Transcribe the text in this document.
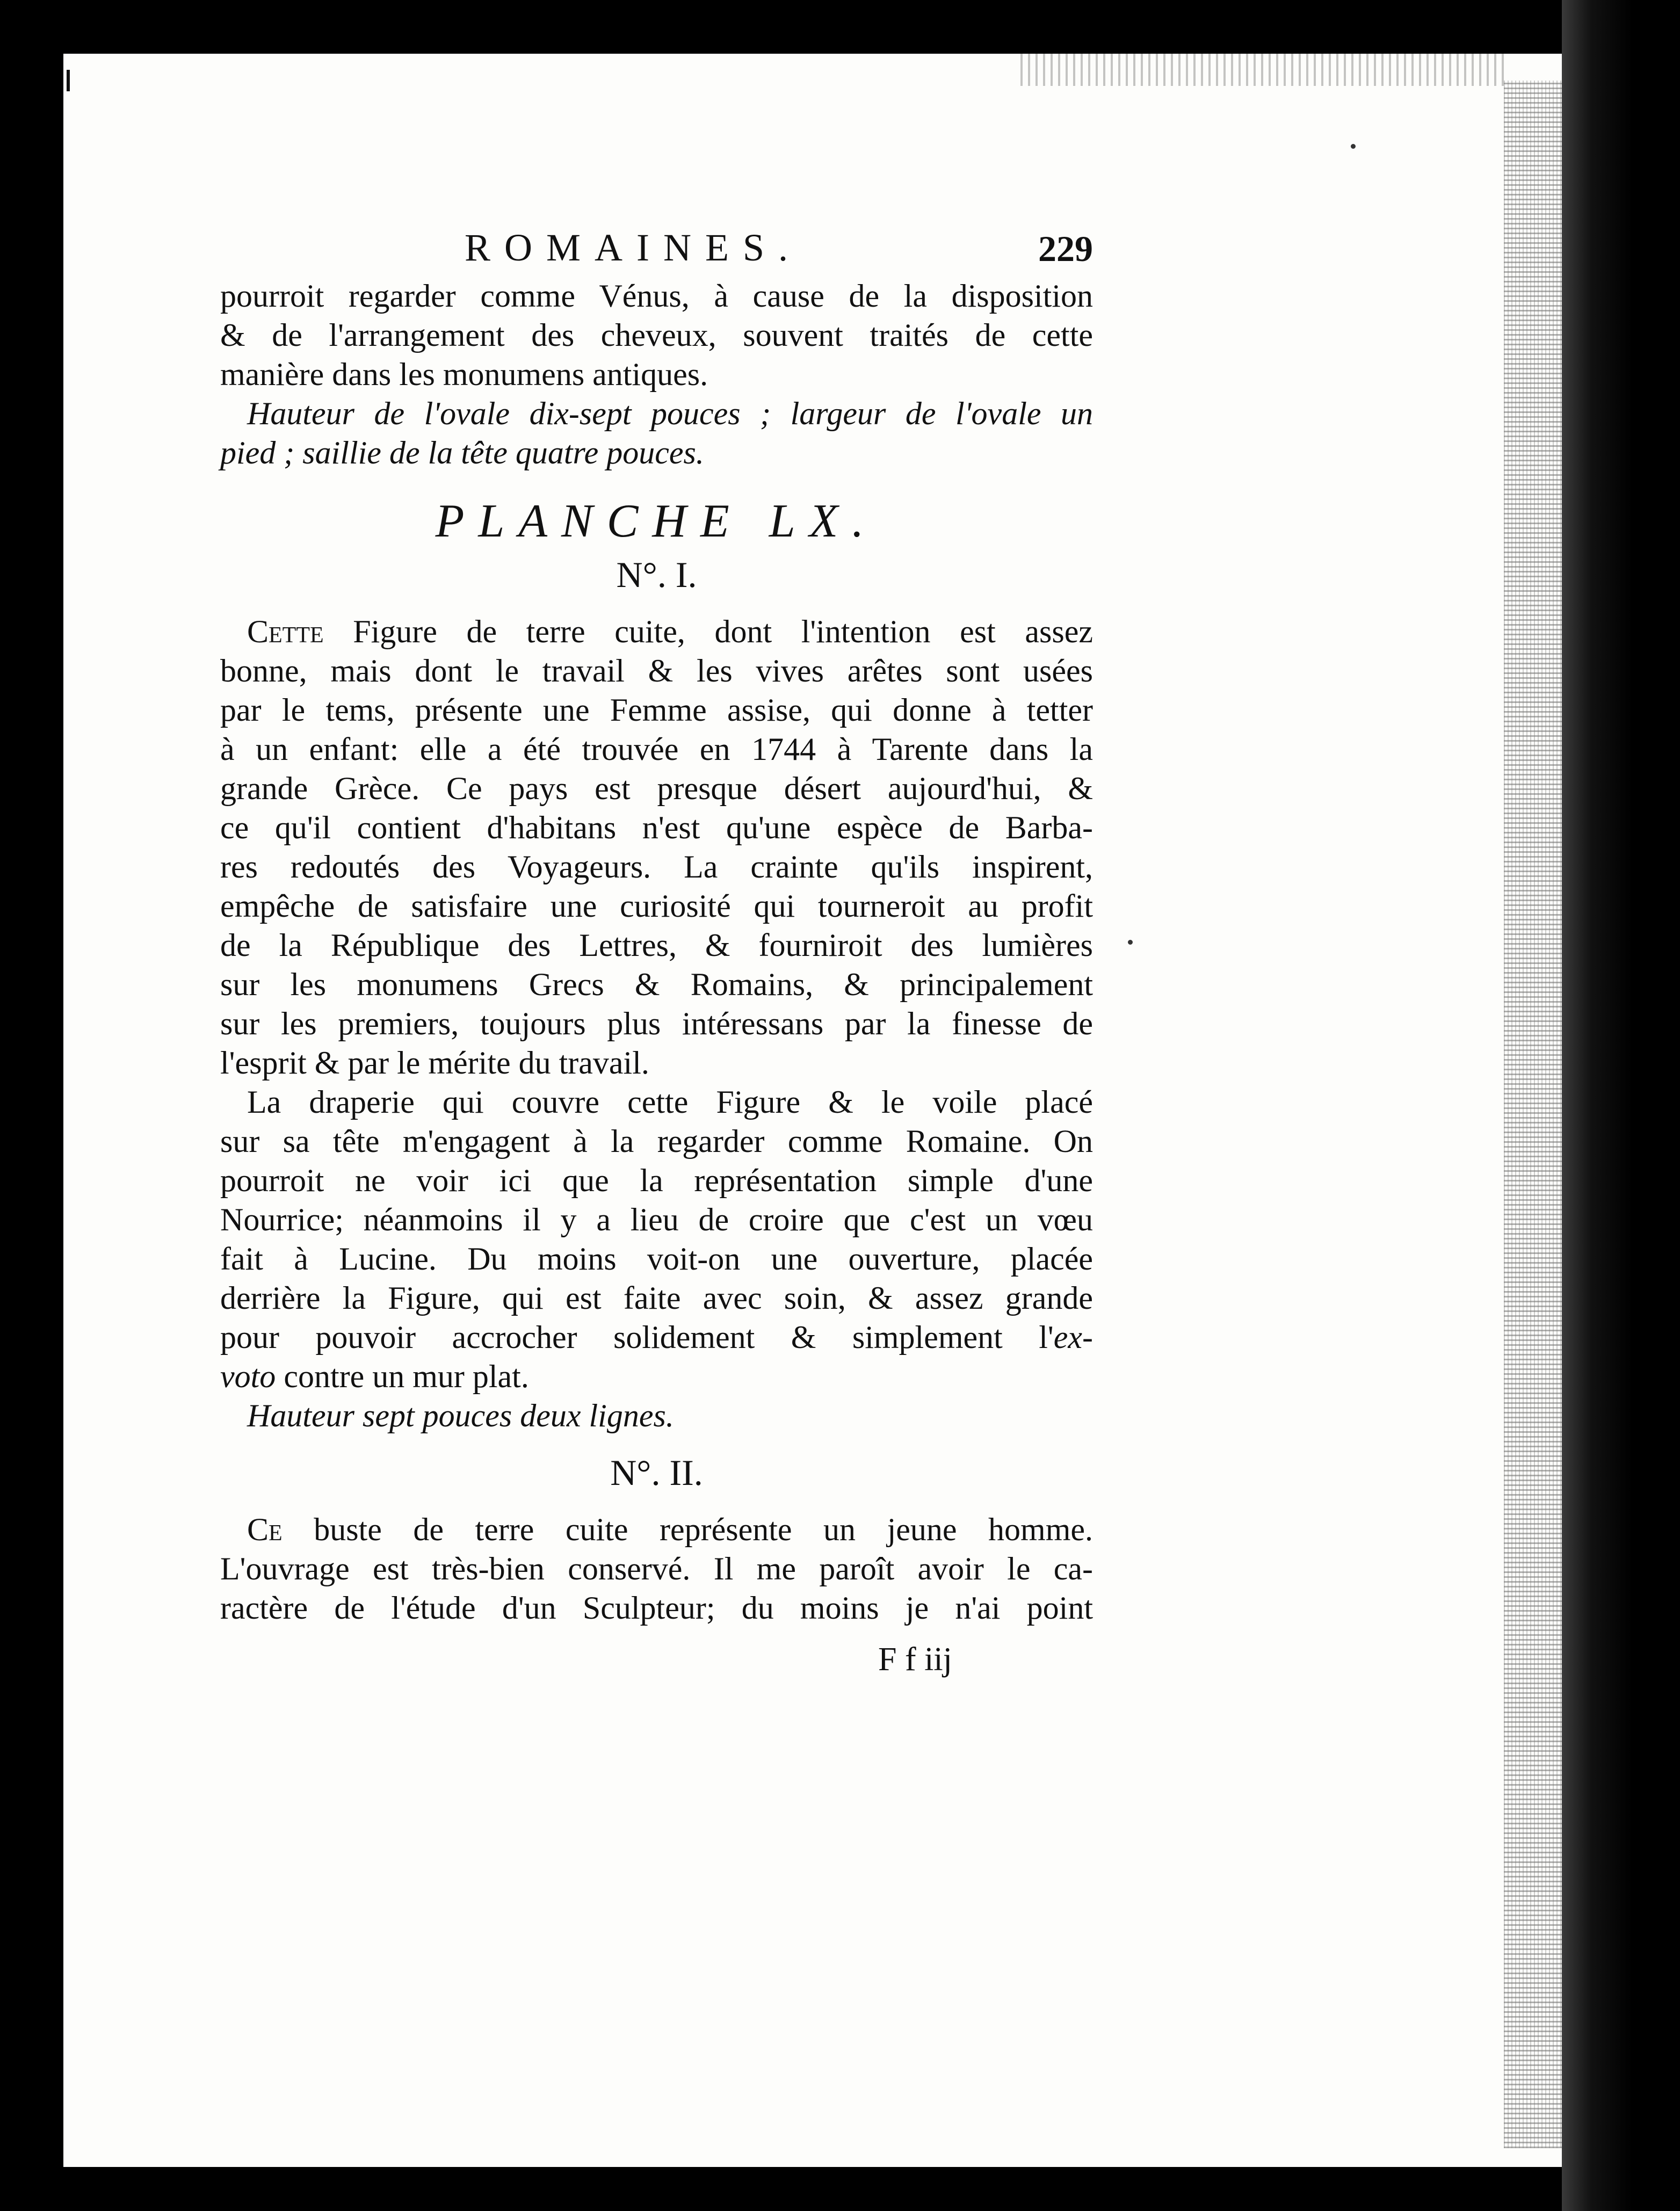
ROMAINES.	229
pourroit regarder comme Vénus, à cause de la disposition
& de l'arrangement des cheveux, souvent traités de cette
manière dans les monumens antiques.
Hauteur de l'ovale dix-sept pouces ; largeur de l'ovale un
pied ; saillie de la tête quatre pouces.
PLANCHE LX.
N°. I.
Cette Figure de terre cuite, dont l'intention est assez
bonne, mais dont le travail & les vives arêtes sont usées
par le tems, présente une Femme assise, qui donne à tetter
à un enfant: elle a été trouvée en 1744 à Tarente dans la
grande Grèce. Ce pays est presque désert aujourd'hui, &
ce qu'il contient d'habitans n'est qu'une espèce de Barba-
res redoutés des Voyageurs. La crainte qu'ils inspirent,
empêche de satisfaire une curiosité qui tourneroit au profit
de la République des Lettres, & fourniroit des lumières
sur les monumens Grecs & Romains, & principalement
sur les premiers, toujours plus intéressans par la finesse de
l'esprit & par le mérite du travail.
La draperie qui couvre cette Figure & le voile placé
sur sa tête m'engagent à la regarder comme Romaine. On
pourroit ne voir ici que la représentation simple d'une
Nourrice; néanmoins il y a lieu de croire que c'est un vœu
fait à Lucine. Du moins voit-on une ouverture, placée
derrière la Figure, qui est faite avec soin, & assez grande
pour pouvoir accrocher solidement & simplement l'ex-
voto contre un mur plat.
Hauteur sept pouces deux lignes.
N°. II.
Ce buste de terre cuite représente un jeune homme.
L'ouvrage est très-bien conservé. Il me paroît avoir le ca-
ractère de l'étude d'un Sculpteur; du moins je n'ai point
F f iij
